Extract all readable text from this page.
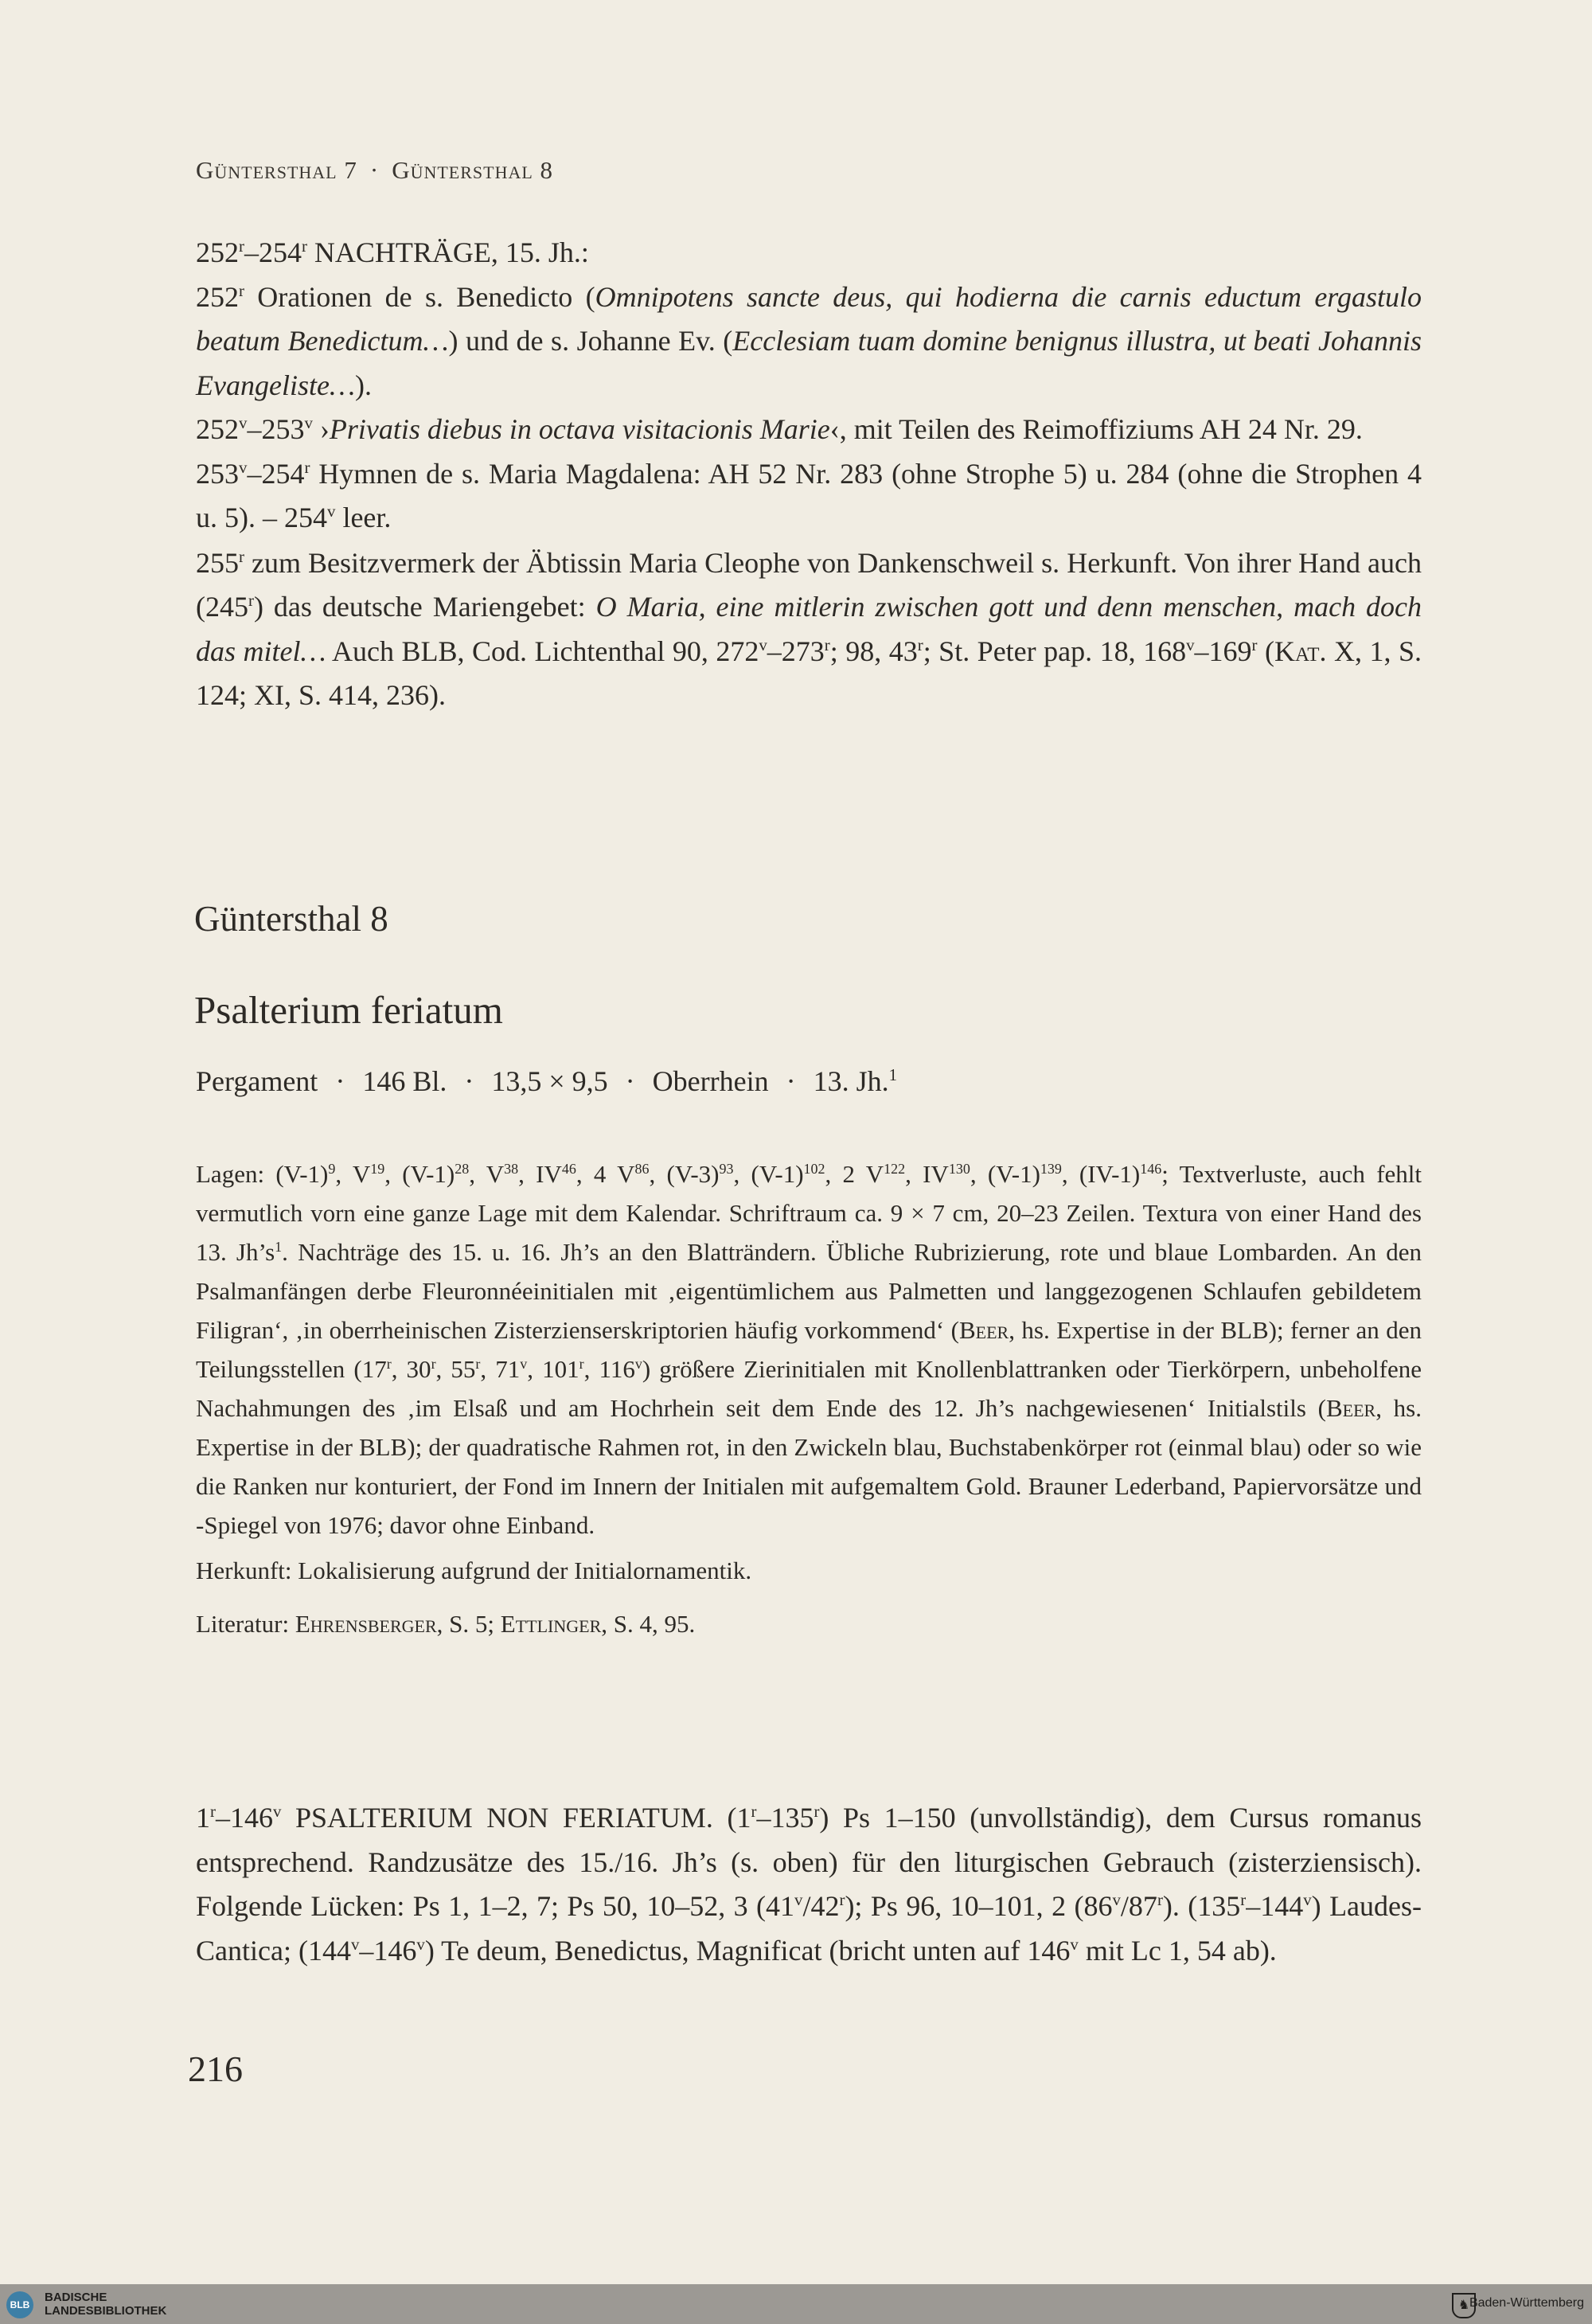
Güntersthal 7 · Güntersthal 8

252$^r$–254$^r$ NACHTRÄGE, 15. Jh.:

252$^r$ Orationen de s. Benedicto (Omnipotens sancte deus, qui hodierna die carnis eductum ergastulo beatum Benedictum…) und de s. Johanne Ev. (Ecclesiam tuam domine benignus illustra, ut beati Johannis Evangeliste…).

252$^v$–253$^v$ ›Privatis diebus in octava visitacionis Marie‹, mit Teilen des Reimoffiziums AH 24 Nr. 29.

253$^v$–254$^r$ Hymnen de s. Maria Magdalena: AH 52 Nr. 283 (ohne Strophe 5) u. 284 (ohne die Strophen 4 u. 5). – 254$^v$ leer.

255$^r$ zum Besitzvermerk der Äbtissin Maria Cleophe von Dankenschweil s. Herkunft. Von ihrer Hand auch (245$^r$) das deutsche Mariengebet: O Maria, eine mitlerin zwischen gott und denn menschen, mach doch das mitel… Auch BLB, Cod. Lichtenthal 90, 272$^v$–273$^r$; 98, 43$^r$; St. Peter pap. 18, 168$^v$–169$^r$ (Kat. X, 1, S. 124; XI, S. 414, 236).

Güntersthal 8
Psalterium feriatum
Pergament · 146 Bl. · 13,5 × 9,5 · Oberrhein · 13. Jh.$^1$

Lagen: $(V-1)^9$, $V^{19}$, $(V-1)^{28}$, $V^{38}$, IV$^{46}$, 4 $V^{86}$, $(V-3)^{93}$, $(V-1)^{102}$, 2 $V^{122}$, IV$^{130}$, $(V-1)^{139}$, $(IV-1)^{146}$; Textverluste, auch fehlt vermutlich vorn eine ganze Lage mit dem Kalendar. Schriftraum ca. 9 × 7 cm, 20–23 Zeilen. Textura von einer Hand des 13. $Jh’s^1$. Nachträge des 15. u. 16. Jh’s an den Blatträndern. Übliche Rubrizierung, rote und blaue Lombarden. An den Psalmanfängen derbe Fleuronnéeinitialen mit ‚eigentümlichem aus Palmetten und langgezogenen Schlaufen gebildetem Filigran‘, ‚in oberrheinischen Zisterzienserskriptorien häufig vorkommend‘ (Beer, hs. Expertise in der BLB); ferner an den Teilungsstellen (17$^r$, 30$^r$, 55$^r$, 71$^v$, 101$^r$, 116$^v$) größere Zierinitialen mit Knollenblattranken oder Tierkörpern, unbeholfene Nachahmungen des ‚im Elsaß und am Hochrhein seit dem Ende des 12. Jh’s nachgewiesenen‘ Initialstils (Beer, hs. Expertise in der BLB); der quadratische Rahmen rot, in den Zwickeln blau, Buchstabenkörper rot (einmal blau) oder so wie die Ranken nur konturiert, der Fond im Innern der Initialen mit aufgemaltem Gold. Brauner Lederband, Papiervorsätze und -Spiegel von 1976; davor ohne Einband.

Herkunft: Lokalisierung aufgrund der Initialornamentik.

Literatur: Ehrensberger, S. 5; Ettlinger, S. 4, 95.

1$^r$–146$^v$ PSALTERIUM NON FERIATUM. (1$^r$–135$^r$) Ps 1–150 (unvollständig), dem Cursus romanus entsprechend. Randzusätze des 15./16. Jh’s (s. oben) für den liturgischen Gebrauch (zisterziensisch). Folgende Lücken: Ps 1, 1–2, 7; Ps 50, 10–52, 3 (41$^v$/42$^r$); Ps 96, 10–101, 2 (86$^v$/87$^r$). (135$^r$–144$^v$) Laudes-Cantica; (144$^v$–146$^v$) Te deum, Benedictus, Magnificat (bricht unten auf 146$^v$ mit Lc 1, 54 ab).

216
BLB
BADISCHE
LANDESBIBLIOTHEK	♞ Baden-Württemberg
